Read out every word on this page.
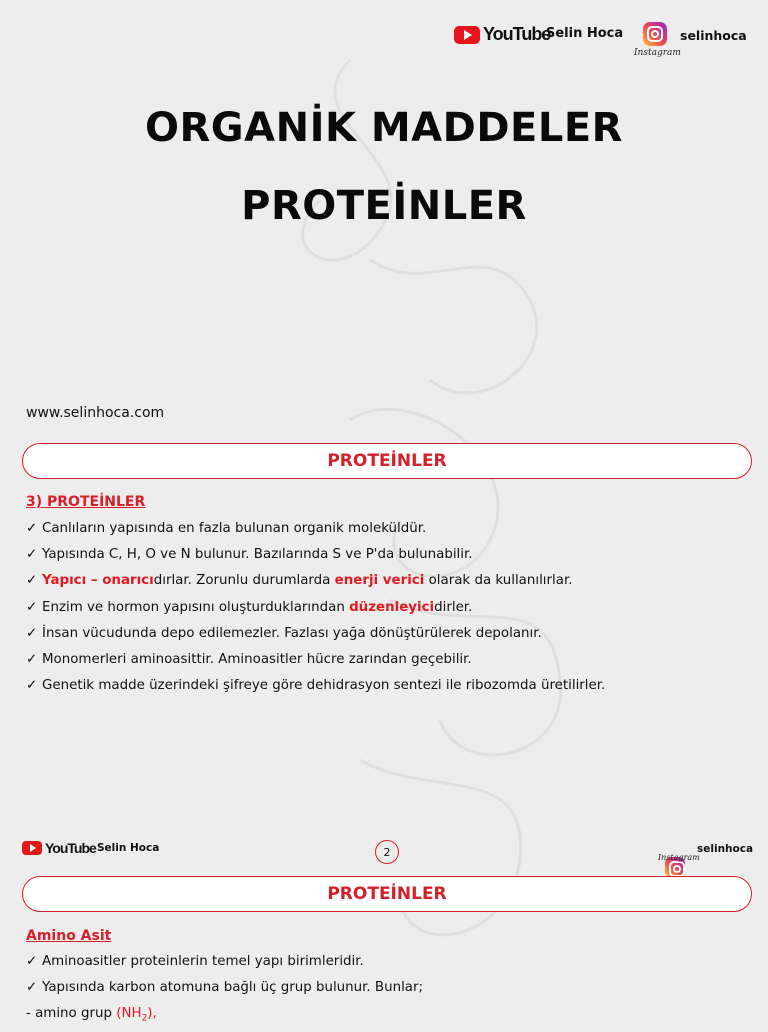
YouTube
Selin Hoca
Instagram
selinhoca
ORGANİK MADDELER
PROTEİNLER
www.selinhoca.com
PROTEİNLER
3) PROTEİNLER
✓ Canlıların yapısında en fazla bulunan organik moleküldür.
✓ Yapısında C, H, O ve N bulunur. Bazılarında S ve P'da bulunabilir.
✓ Yapıcı – onarıcıdırlar. Zorunlu durumlarda enerji verici olarak da kullanılırlar.
✓ Enzim ve hormon yapısını oluşturduklarından düzenleyicidirler.
✓ İnsan vücudunda depo edilemezler. Fazlası yağa dönüştürülerek depolanır.
✓ Monomerleri aminoasittir. Aminoasitler hücre zarından geçebilir.
✓ Genetik madde üzerindeki şifreye göre dehidrasyon sentezi ile ribozomda üretilirler.
YouTube Selin Hoca	2	Instagram
selinhoca
PROTEİNLER
Amino Asit
✓ Aminoasitler proteinlerin temel yapı birimleridir.
✓ Yapısında karbon atomuna bağlı üç grup bulunur. Bunlar;
- amino grup $(NH_2)$,
